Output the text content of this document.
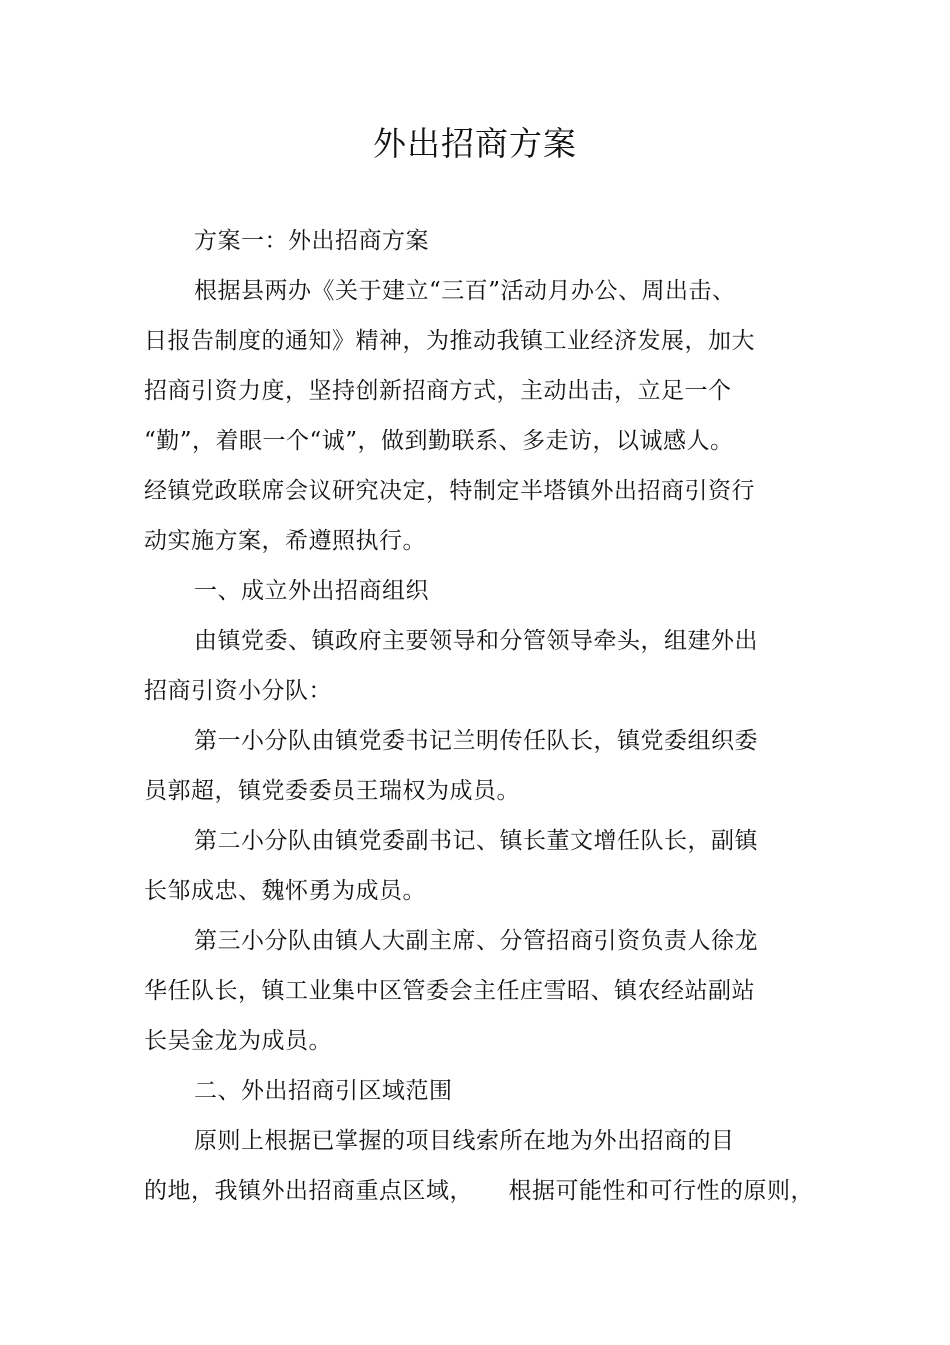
外出招商方案
方案一：外出招商方案
根据县两办《关于建立“三百”活动月办公、周出击、
日报告制度的通知》精神，为推动我镇工业经济发展，加大
招商引资力度，坚持创新招商方式，主动出击，立足一个
“勤”，着眼一个“诚”，做到勤联系、多走访，以诚感人。
经镇党政联席会议研究决定，特制定半塔镇外出招商引资行
动实施方案，希遵照执行。
一、成立外出招商组织
由镇党委、镇政府主要领导和分管领导牵头，组建外出
招商引资小分队：
第一小分队由镇党委书记兰明传任队长，镇党委组织委
员郭超，镇党委委员王瑞权为成员。
第二小分队由镇党委副书记、镇长董文增任队长，副镇
长邹成忠、魏怀勇为成员。
第三小分队由镇人大副主席、分管招商引资负责人徐龙
华任队长，镇工业集中区管委会主任庄雪昭、镇农经站副站
长吴金龙为成员。
二、外出招商引区域范围
原则上根据已掌握的项目线索所在地为外出招商的目
的地，我镇外出招商重点区域，　　根据可能性和可行性的原则，
